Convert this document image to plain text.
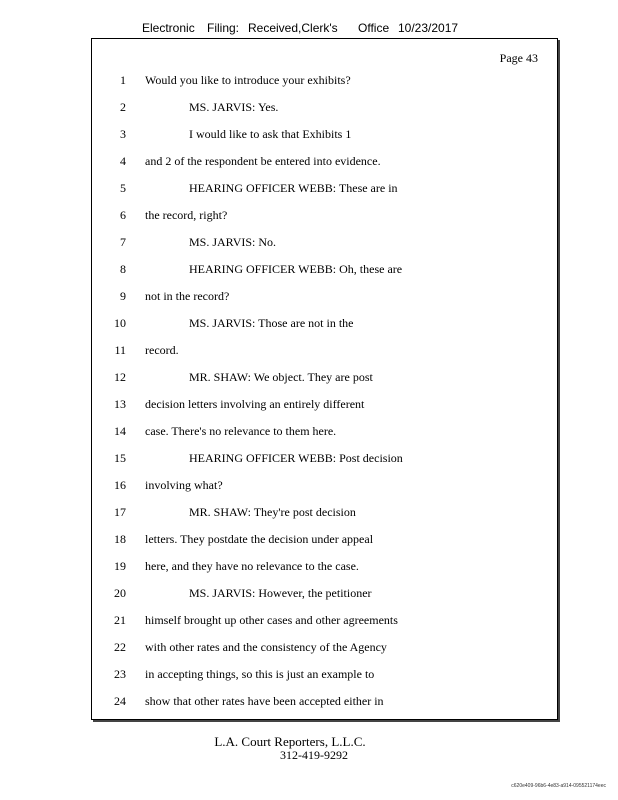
Electronic Filing: Received,Clerk's Office 10/23/2017
Page 43
1 Would you like to introduce your exhibits?
2	MS. JARVIS: Yes.
3	I would like to ask that Exhibits 1
4 and 2 of the respondent be entered into evidence.
5	HEARING OFFICER WEBB: These are in
6 the record, right?
7	MS. JARVIS: No.
8	HEARING OFFICER WEBB: Oh, these are
9 not in the record?
10	MS. JARVIS: Those are not in the
11 record.
12	MR. SHAW: We object. They are post
13 decision letters involving an entirely different
14 case. There's no relevance to them here.
15	HEARING OFFICER WEBB: Post decision
16 involving what?
17	MR. SHAW: They're post decision
18 letters. They postdate the decision under appeal
19 here, and they have no relevance to the case.
20	MS. JARVIS: However, the petitioner
21 himself brought up other cases and other agreements
22 with other rates and the consistency of the Agency
23 in accepting things, so this is just an example to
24 show that other rates have been accepted either in
L.A. Court Reporters, L.L.C.
312-419-9292
c620e409-96b6-4e83-a914-095521174eec
